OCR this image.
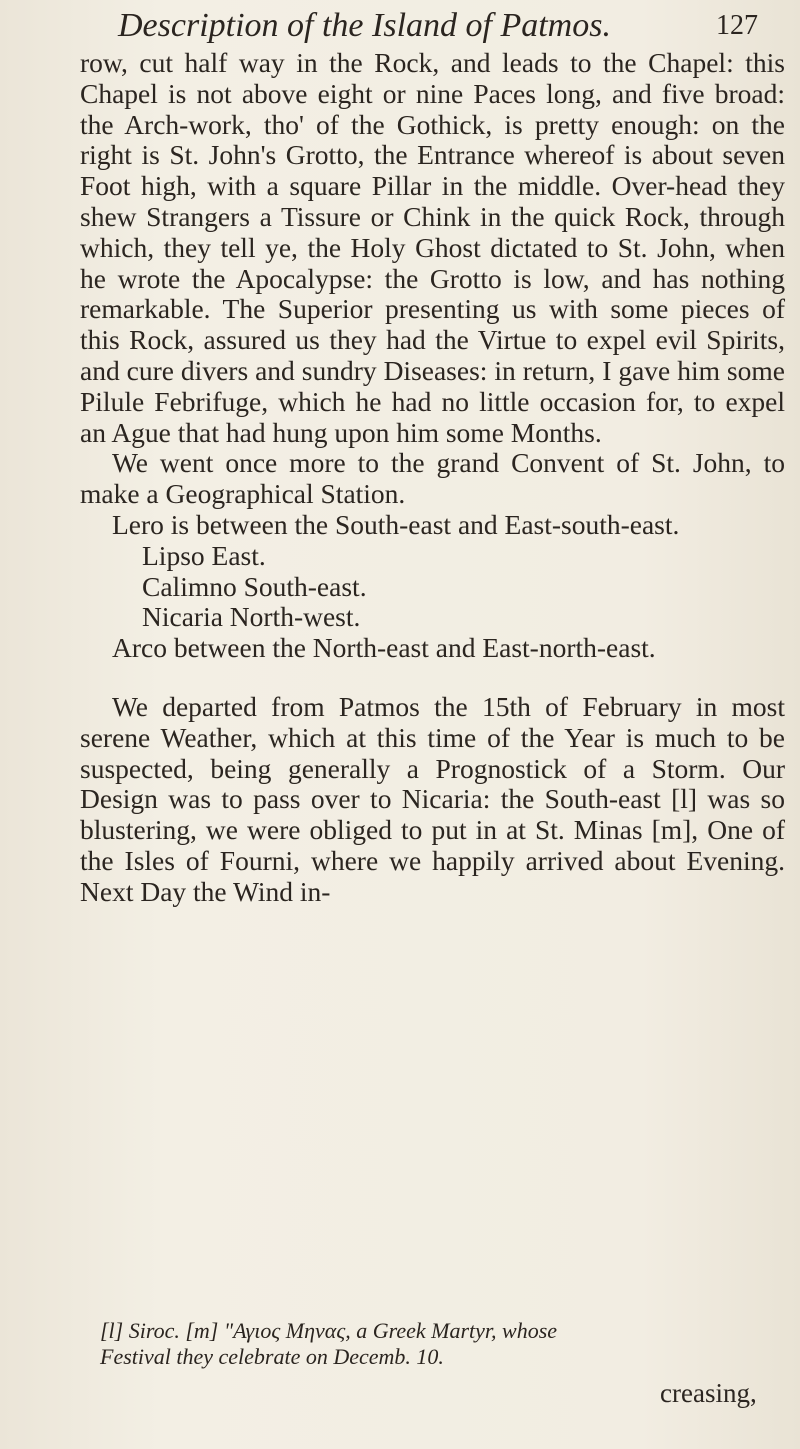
Description of the Island of Patmos.	127

row, cut half way in the Rock, and leads to the Chapel: this Chapel is not above eight or nine Paces long, and five broad: the Arch-work, tho' of the Gothick, is pretty enough: on the right is St. John's Grotto, the Entrance whereof is about seven Foot high, with a square Pillar in the middle. Over-head they shew Strangers a Tissure or Chink in the quick Rock, through which, they tell ye, the Holy Ghost dictated to St. John, when he wrote the Apocalypse: the Grotto is low, and has nothing remarkable. The Superior presenting us with some pieces of this Rock, assured us they had the Virtue to expel evil Spirits, and cure divers and sundry Diseases: in return, I gave him some Pilule Febrifuge, which he had no little occasion for, to expel an Ague that had hung upon him some Months.

We went once more to the grand Convent of St. John, to make a Geographical Station.

Lero is between the South-east and East-south-east.

Lipso East.

Calimno South-east.

Nicaria North-west.

Arco between the North-east and East-north-east.

We departed from Patmos the 15th of February in most serene Weather, which at this time of the Year is much to be suspected, being generally a Prognostick of a Storm. Our Design was to pass over to Nicaria: the South-east [l] was so blustering, we were obliged to put in at St. Minas [m], One of the Isles of Fourni, where we happily arrived about Evening. Next Day the Wind in-

[l] Siroc. [m] "Αγιος Μηνας, a Greek Martyr, whose

Festival they celebrate on Decemb. 10.

creasing,
